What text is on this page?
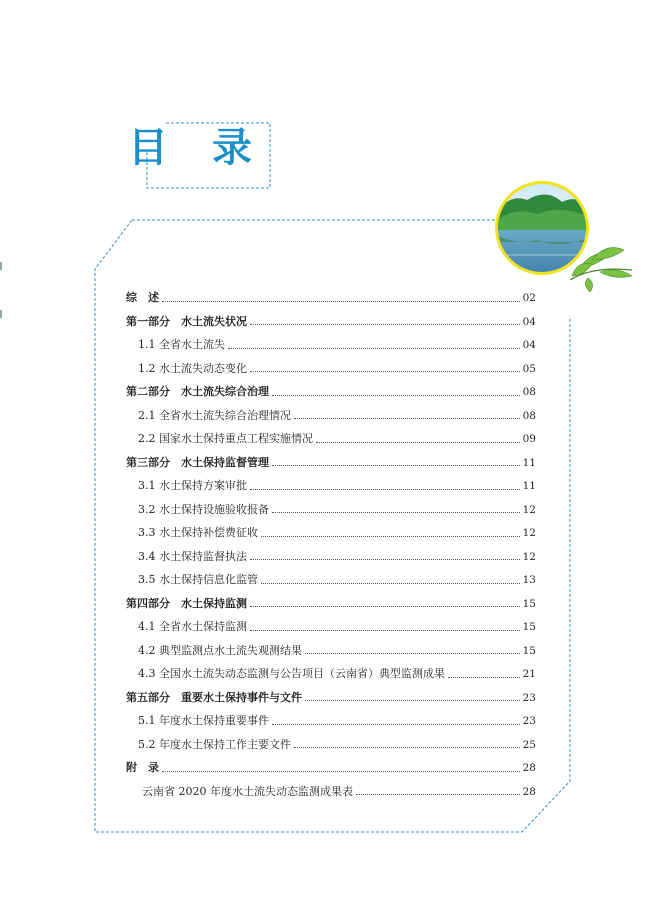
目 录
综　述	02
第一部分　水土流失状况	04
1.1 全省水土流失	04
1.2 水土流失动态变化	05
第二部分　水土流失综合治理	08
2.1 全省水土流失综合治理情况	08
2.2 国家水土保持重点工程实施情况	09
第三部分　水土保持监督管理	11
3.1 水土保持方案审批	11
3.2 水土保持设施验收报备	12
3.3 水土保持补偿费征收	12
3.4 水土保持监督执法	12
3.5 水土保持信息化监管	13
第四部分　水土保持监测	15
4.1 全省水土保持监测	15
4.2 典型监测点水土流失观测结果	15
4.3 全国水土流失动态监测与公告项目（云南省）典型监测成果	21
第五部分　重要水土保持事件与文件	23
5.1 年度水土保持重要事件	23
5.2 年度水土保持工作主要文件	25
附　录	28
云南省 2020 年度水土流失动态监测成果表	28
